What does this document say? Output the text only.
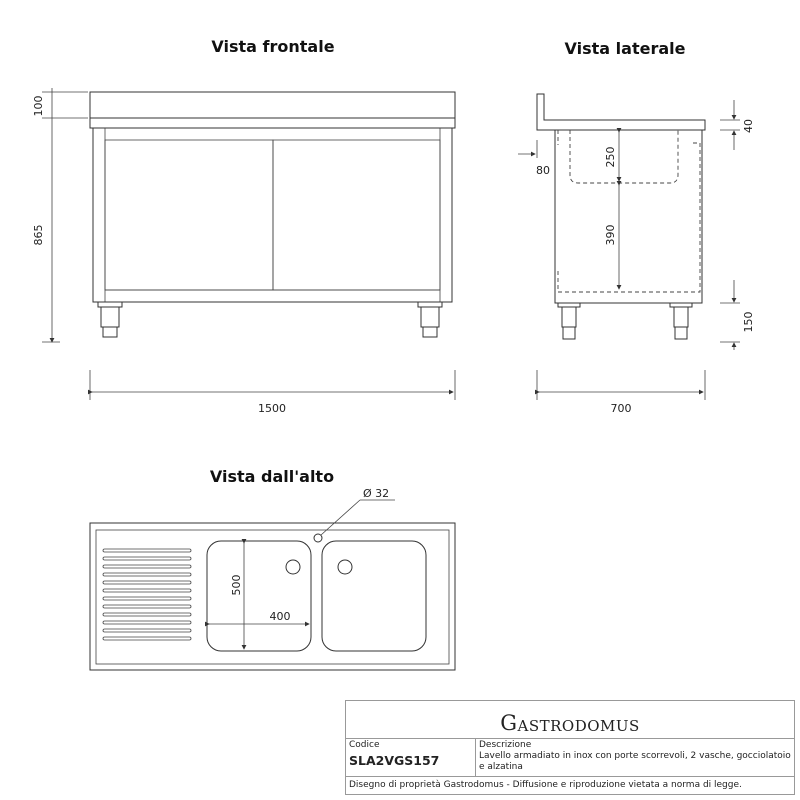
Vista frontale
100
865
1500
Vista laterale
250
390
80
40
150
700
Vista dall'alto
Ø 32
500
400
G ASTRODOMUS
Codice
SLA2VGS157
Descrizione
Lavello armadiato in inox con porte scorrevoli, 2 vasche, gocciolatoio e alzatina
Disegno di proprietà Gastrodomus - Diffusione e riproduzione vietata a norma di legge.
